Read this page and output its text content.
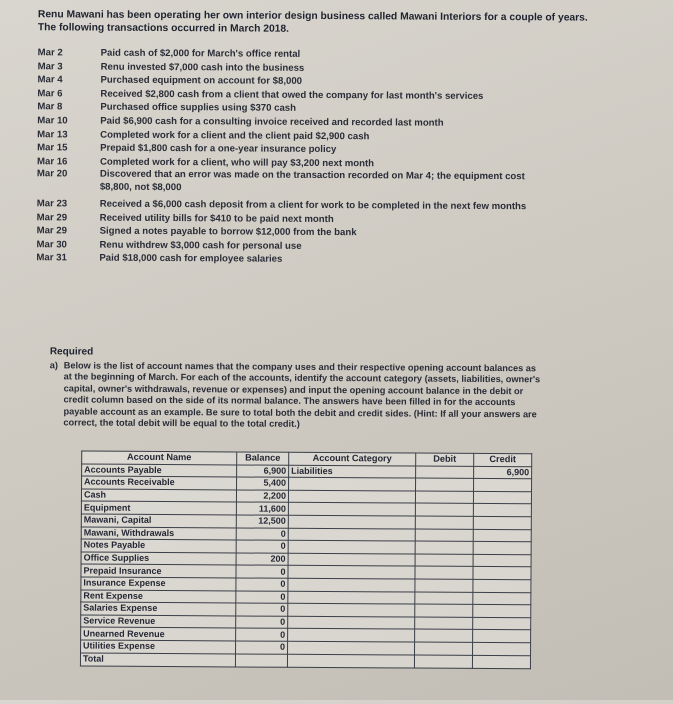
Renu Mawani has been operating her own interior design business called Mawani Interiors for a couple of years.
The following transactions occurred in March 2018.
Mar 2	Paid cash of $2,000 for March's office rental
Mar 3	Renu invested $7,000 cash into the business
Mar 4	Purchased equipment on account for $8,000
Mar 6	Received $2,800 cash from a client that owed the company for last month's services
Mar 8	Purchased office supplies using $370 cash
Mar 10	Paid $6,900 cash for a consulting invoice received and recorded last month
Mar 13	Completed work for a client and the client paid $2,900 cash
Mar 15	Prepaid $1,800 cash for a one-year insurance policy
Mar 16	Completed work for a client, who will pay $3,200 next month
Mar 20	Discovered that an error was made on the transaction recorded on Mar 4; the equipment cost
$8,800, not $8,000
Mar 23	Received a $6,000 cash deposit from a client for work to be completed in the next few months
Mar 29	Received utility bills for $410 to be paid next month
Mar 29	Signed a notes payable to borrow $12,000 from the bank
Mar 30	Renu withdrew $3,000 cash for personal use
Mar 31	Paid $18,000 cash for employee salaries
Required
a) Below is the list of account names that the company uses and their respective opening account balances as
at the beginning of March. For each of the accounts, identify the account category (assets, liabilities, owner's
capital, owner's withdrawals, revenue or expenses) and input the opening account balance in the debit or
credit column based on the side of its normal balance. The answers have been filled in for the accounts
payable account as an example. Be sure to total both the debit and credit sides. (Hint: If all your answers are
correct, the total debit will be equal to the total credit.)
Account Name	Balance	Account Category	Debit	Credit
Accounts Payable	6,900	Liabilities		6,900
Accounts Receivable	5,400			
Cash	2,200			
Equipment	11,600			
Mawani, Capital	12,500			
Mawani, Withdrawals	0			
Notes Payable	0			
Office Supplies	200			
Prepaid Insurance	0			
Insurance Expense	0			
Rent Expense	0			
Salaries Expense	0			
Service Revenue	0			
Unearned Revenue	0			
Utilities Expense	0			
Total				
